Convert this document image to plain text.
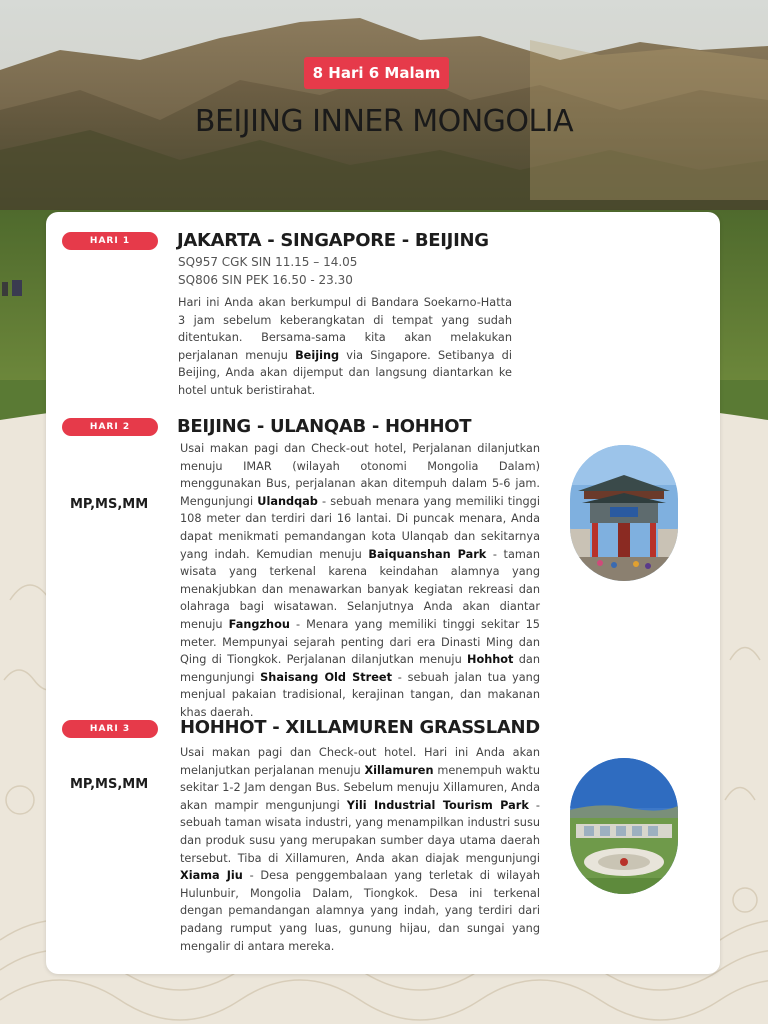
8 Hari 6 Malam
BEIJING INNER MONGOLIA
HARI 1	JAKARTA - SINGAPORE - BEIJING
SQ957 CGK SIN 11.15 – 14.05
SQ806 SIN PEK 16.50 - 23.30
Hari ini Anda akan berkumpul di Bandara Soekarno-Hatta 3 jam sebelum keberangkatan di tempat yang sudah ditentukan. Bersama-sama kita akan melakukan perjalanan menuju Beijing via Singapore. Setibanya di Beijing, Anda akan dijemput dan langsung diantarkan ke hotel untuk beristirahat.
HARI 2	BEIJING - ULANQAB - HOHHOT
MP,MS,MM
Usai makan pagi dan Check-out hotel, Perjalanan dilanjutkan menuju IMAR (wilayah otonomi Mongolia Dalam) menggunakan Bus, perjalanan akan ditempuh dalam 5-6 jam. Mengunjungi Ulandqab - sebuah menara yang memiliki tinggi 108 meter dan terdiri dari 16 lantai. Di puncak menara, Anda dapat menikmati pemandangan kota Ulanqab dan sekitarnya yang indah. Kemudian menuju Baiquanshan Park - taman wisata yang terkenal karena keindahan alamnya yang menakjubkan dan menawarkan banyak kegiatan rekreasi dan olahraga bagi wisatawan. Selanjutnya Anda akan diantar menuju Fangzhou - Menara yang memiliki tinggi sekitar 15 meter. Mempunyai sejarah penting dari era Dinasti Ming dan Qing di Tiongkok. Perjalanan dilanjutkan menuju Hohhot dan mengunjungi Shaisang Old Street - sebuah jalan tua yang menjual pakaian tradisional, kerajinan tangan, dan makanan khas daerah.
HARI 3	HOHHOT - XILLAMUREN GRASSLAND
MP,MS,MM
Usai makan pagi dan Check-out hotel. Hari ini Anda akan melanjutkan perjalanan menuju Xillamuren menempuh waktu sekitar 1-2 Jam dengan Bus. Sebelum menuju Xillamuren, Anda akan mampir mengunjungi Yili Industrial Tourism Park - sebuah taman wisata industri, yang menampilkan industri susu dan produk susu yang merupakan sumber daya utama daerah tersebut. Tiba di Xillamuren, Anda akan diajak mengunjungi Xiama Jiu - Desa penggembalaan yang terletak di wilayah Hulunbuir, Mongolia Dalam, Tiongkok. Desa ini terkenal dengan pemandangan alamnya yang indah, yang terdiri dari padang rumput yang luas, gunung hijau, dan sungai yang mengalir di antara mereka.
